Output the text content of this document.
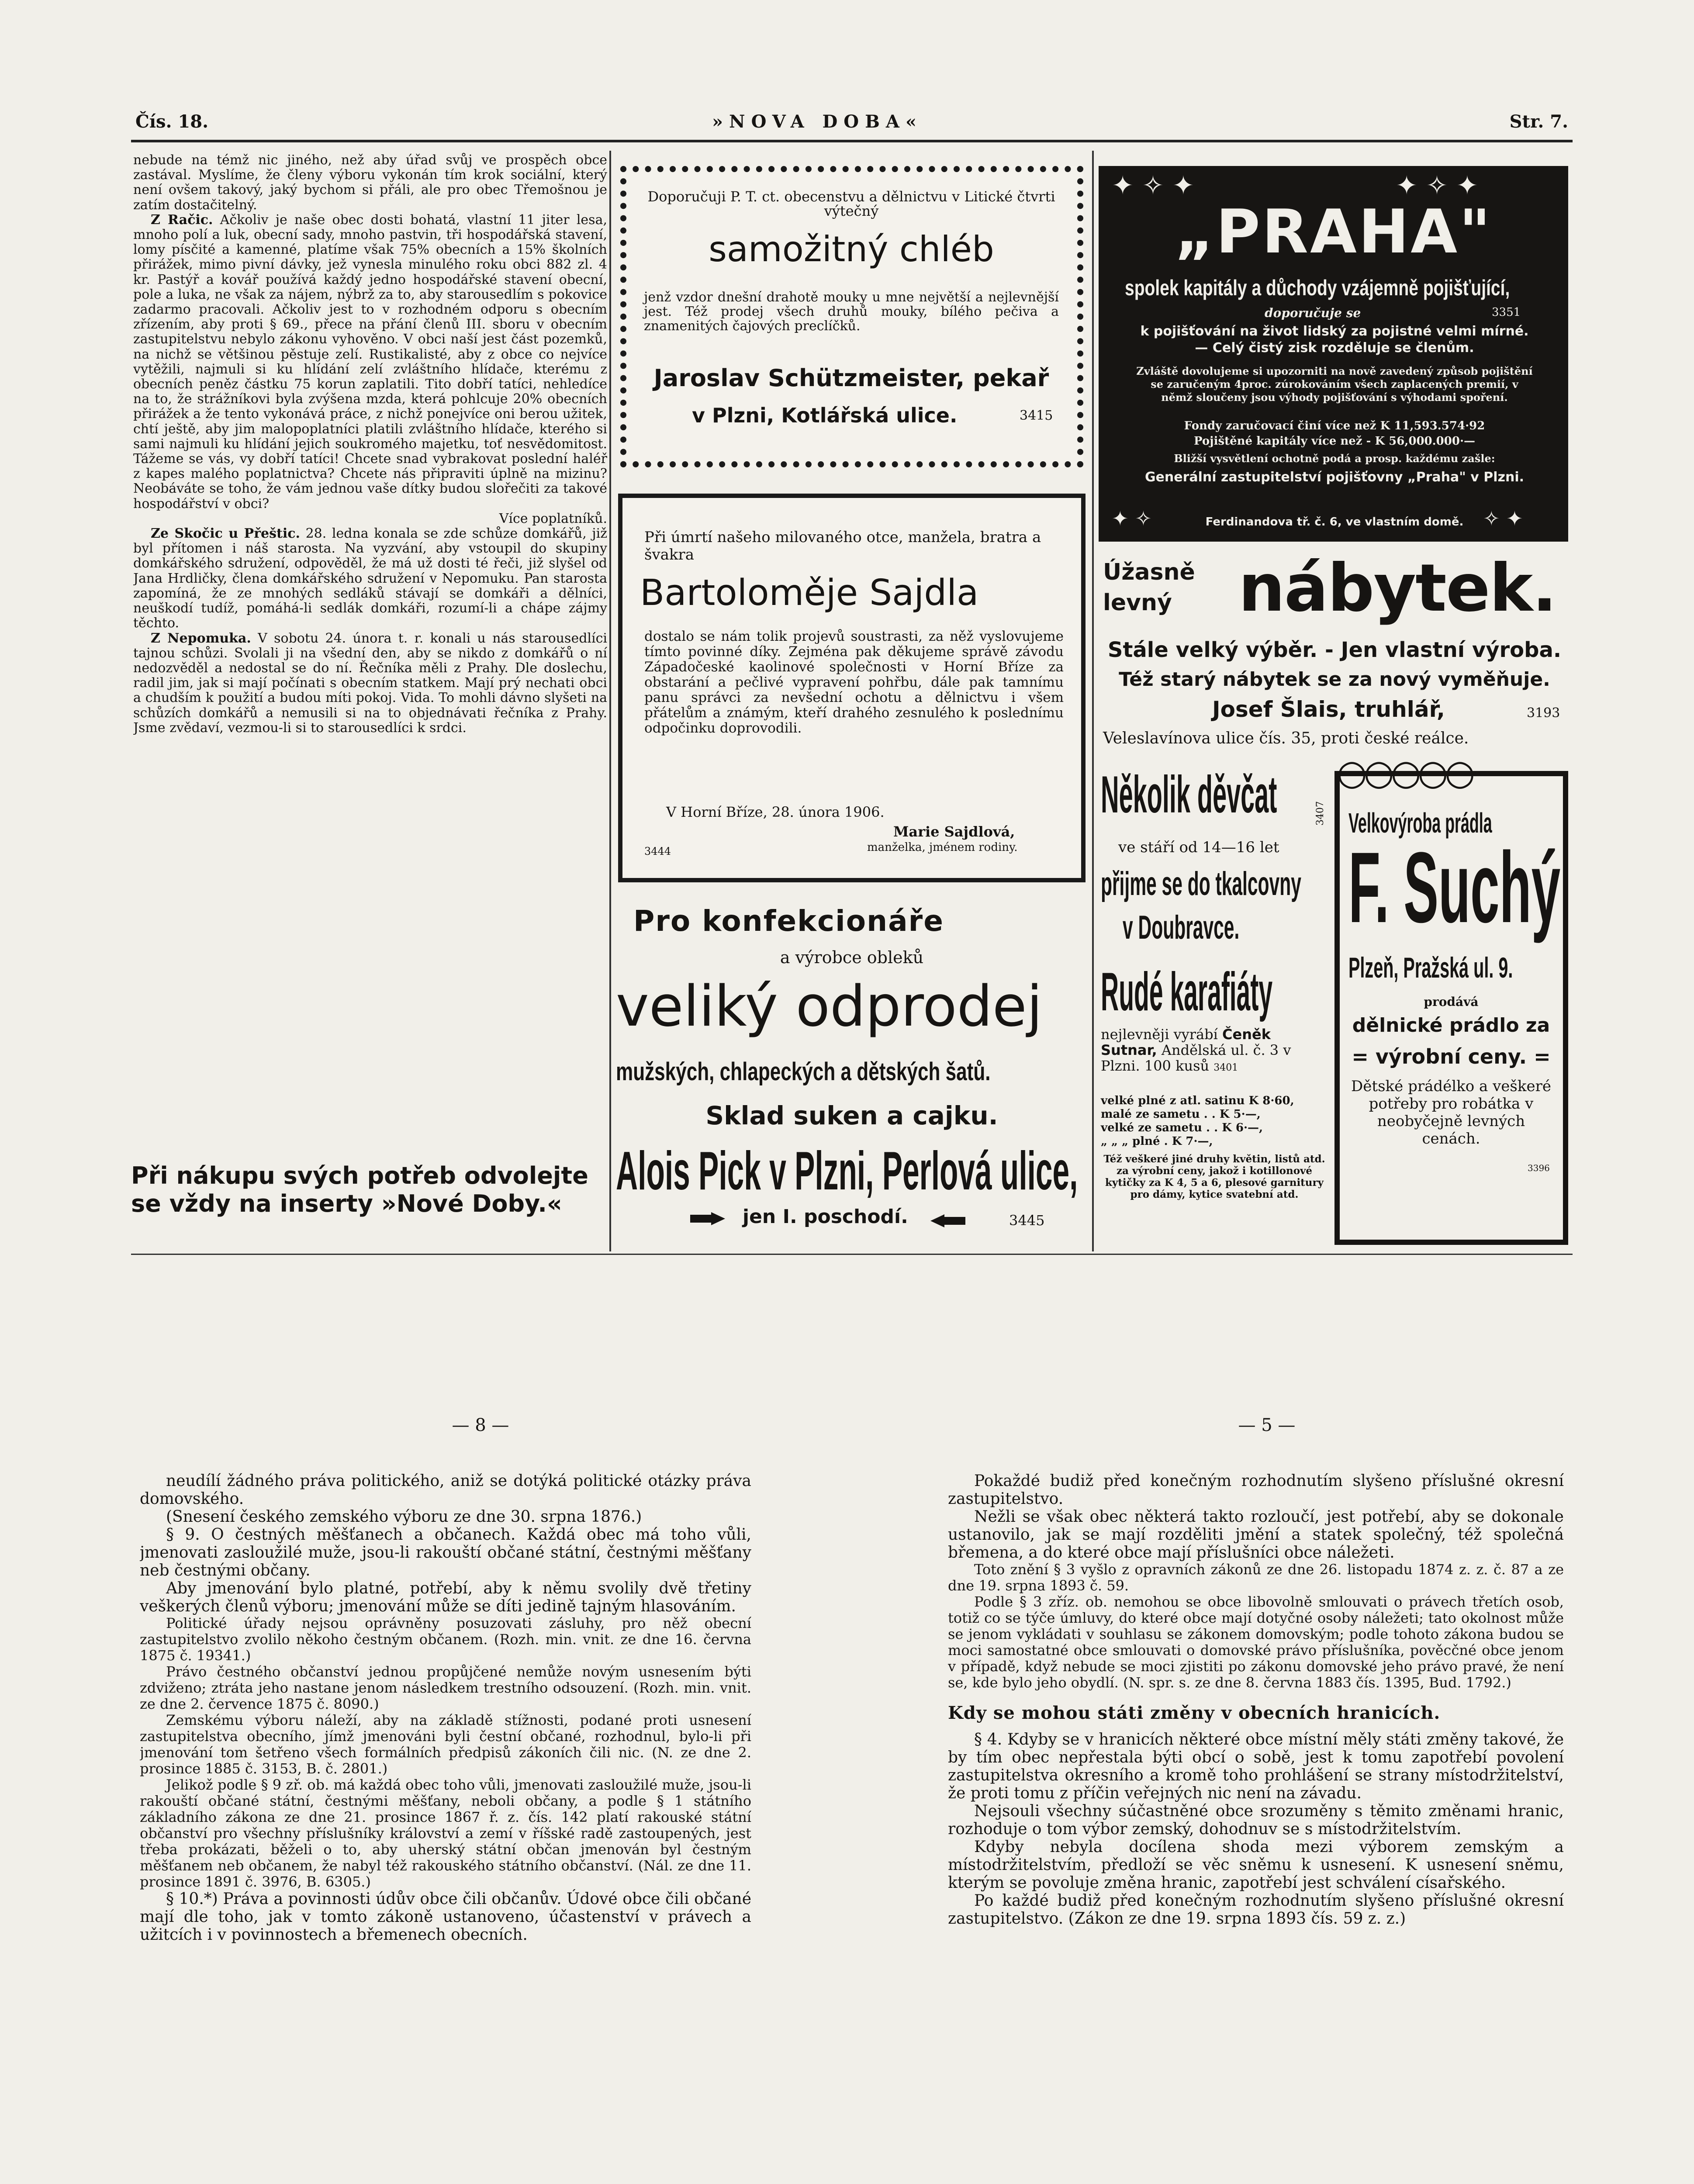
Čís. 18.	»NOVA DOBA«	Str. 7.

nebude na témž nic jiného, než aby úřad svůj ve prospěch obce zastával. Myslíme, že členy výboru vykonán tím krok sociální, který není ovšem takový, jaký bychom si přáli, ale pro obec Třemošnou je zatím dostačitelný.

Z Račic. Ačkoliv je naše obec dosti bohatá, vlastní 11 jiter lesa, mnoho polí a luk, obecní sady, mnoho pastvin, tři hospodářská stavení, lomy písčité a kamenné, platíme však 75% obecních a 15% školních přirážek, mimo pivní dávky, jež vynesla minulého roku obci 882 zl. 4 kr. Pastýř a kovář používá každý jedno hospodářské stavení obecní, pole a luka, ne však za nájem, nýbrž za to, aby starousedlím s pokovice zadarmo pracovali. Ačkoliv jest to v rozhodném odporu s obecním zřízením, aby proti § 69., přece na přání členů III. sboru v obecním zastupitelstvu nebylo zákonu vyhověno. V obci naší jest část pozemků, na nichž se většinou pěstuje zelí. Rustikalisté, aby z obce co nejvíce vytěžili, najmuli si ku hlídání zelí zvláštního hlídače, kterému z obecních peněz částku 75 korun zaplatili. Tito dobří tatíci, nehledíce na to, že strážníkovi byla zvýšena mzda, která pohlcuje 20% obecních přirážek a že tento vykonává práce, z nichž ponejvíce oni berou užitek, chtí ještě, aby jim malopoplatníci platili zvláštního hlídače, kterého si sami najmuli ku hlídání jejich soukromého majetku, toť nesvědomitost. Tážeme se vás, vy dobří tatíci! Chcete snad vybrakovat poslední haléř z kapes malého poplatnictva? Chcete nás připraviti úplně na mizinu? Neobáváte se toho, že vám jednou vaše dítky budou slořečiti za takové hospodářství v obci?

Více poplatníků.

Ze Skočic u Přeštic. 28. ledna konala se zde schůze domkářů, již byl přítomen i náš starosta. Na vyzvání, aby vstoupil do skupiny domkářského sdružení, odpověděl, že má už dosti té řeči, již slyšel od Jana Hrdličky, člena domkářského sdružení v Nepomuku. Pan starosta zapomíná, že ze mnohých sedláků stávají se domkáři a dělníci, neuškodí tudíž, pomáhá-li sedlák domkáři, rozumí-li a chápe zájmy těchto.

Z Nepomuka. V sobotu 24. února t. r. konali u nás starousedlíci tajnou schůzi. Svolali ji na všední den, aby se nikdo z domkářů o ní nedozvěděl a nedostal se do ní. Řečníka měli z Prahy. Dle doslechu, radil jim, jak si mají počínati s obecním statkem. Mají prý nechati obci a chudším k použití a budou míti pokoj. Vida. To mohli dávno slyšeti na schůzích domkářů a nemusili si na to objednávati řečníka z Prahy. Jsme zvědaví, vezmou-li si to starousedlíci k srdci.

Při nákupu svých potřeb odvolejte se vždy na inserty »Nové Doby.«
Doporučuji P. T. ct. obecenstvu a dělnictvu v Litické čtvrti výtečný
samožitný chléb
jenž vzdor dnešní drahotě mouky u mne největší a nejlevnější jest. Též prodej všech druhů mouky, bílého pečiva a znamenitých čajových preclíčků.
Jaroslav Schützmeister, pekař
v Plzni, Kotlářská ulice.	3415
Při úmrtí našeho milovaného otce, manžela, bratra a švakra
Bartoloměje Sajdla
dostalo se nám tolik projevů soustrasti, za něž vyslovujeme tímto povinné díky. Zejména pak děkujeme správě závodu Západočeské kaolinové společnosti v Horní Bříze za obstarání a pečlivé vypravení pohřbu, dále pak tamnímu panu správci za nevšední ochotu a dělnictvu i všem přátelům a známým, kteří drahého zesnulého k poslednímu odpočinku doprovodili.
V Horní Bříze, 28. února 1906.
Marie Sajdlová,
manželka, jménem rodiny.
3444
Pro konfekcionáře
a výrobce obleků
veliký odprodej
mužských, chlapeckých a dětských šatů.
Sklad suken a cajku.
Alois Pick v Plzni, Perlová ulice,
jen I. poschodí.	3445
✦ ✧ ✦	✦ ✧ ✦
„PRAHA"
spolek kapitály a důchody vzájemně pojišťující,
doporučuje se	3351
k pojišťování na život lidský za pojistné velmi mírné. — Celý čistý zisk rozděluje se členům.
Zvláště dovolujeme si upozorniti na nově zavedený způsob pojištění se zaručeným 4proc. zúrokováním všech zaplacených premií, v němž sloučeny jsou výhody pojišťování s výhodami spoření.
Fondy zaručovací činí více než K 11,593.574·92
Pojištěné kapitály více než - K 56,000.000·—
Bližší vysvětlení ochotně podá a prosp. každému zašle:
Generální zastupitelství pojišťovny „Praha" v Plzni.
Ferdinandova tř. č. 6, ve vlastním domě.
✦ ✧	✧ ✦
Úžasně
levný nábytek.
Stále velký výběr. - Jen vlastní výroba.
Též starý nábytek se za nový vyměňuje.
Josef Šlais, truhlář,	3193
Veleslavínova ulice čís. 35, proti české reálce.
Několik děvčat
ve stáří od 14—16 let
přijme se do tkalcovny
v Doubravce.
3407
Rudé karafiáty
nejlevněji vyrábí Čeněk Sutnar, Andělská ul. č. 3 v Plzni. 100 kusů 3401
velké plné z atl. satinu K 8·60,
malé ze sametu . . K 5·—,
velké ze sametu . . K 6·—,
„ „ „ plné . K 7·—,
Též veškeré jiné druhy květin, listů atd. za výrobní ceny, jakož i kotillonové kytičky za K 4, 5 a 6, plesové garnitury pro dámy, kytice svatební atd.
○○○○○
Velkovýroba prádla
F. Suchý
Plzeň, Pražská ul. 9.
prodává
dělnické prádlo za
= výrobní ceny. =
Dětské prádélko a veškeré potřeby pro robátka v neobyčejně levných cenách.
3396
— 8 —	— 5 —

neudílí žádného práva politického, aniž se dotýká politické otázky práva domovského.

(Snesení českého zemského výboru ze dne 30. srpna 1876.)

§ 9. O čestných měšťanech a občanech. Každá obec má toho vůli, jmenovati zasloužilé muže, jsou-li rakouští občané státní, čestnými měšťany neb čestnými občany.

Aby jmenování bylo platné, potřebí, aby k němu svolily dvě třetiny veškerých členů výboru; jmenování může se díti jedině tajným hlasováním.

Politické úřady nejsou oprávněny posuzovati zásluhy, pro něž obecní zastupitelstvo zvolilo někoho čestným občanem. (Rozh. min. vnit. ze dne 16. června 1875 č. 19341.)

Právo čestného občanství jednou propůjčené nemůže novým usnesením býti zdviženo; ztráta jeho nastane jenom následkem trestního odsouzení. (Rozh. min. vnit. ze dne 2. července 1875 č. 8090.)

Zemskému výboru náleží, aby na základě stížnosti, podané proti usnesení zastupitelstva obecního, jímž jmenováni byli čestní občané, rozhodnul, bylo-li při jmenování tom šetřeno všech formálních předpisů zákoních čili nic. (N. ze dne 2. prosince 1885 č. 3153, B. č. 2801.)

Jelikož podle § 9 zř. ob. má každá obec toho vůli, jmenovati zasloužilé muže, jsou-li rakouští občané státní, čestnými měšťany, neboli občany, a podle § 1 státního základního zákona ze dne 21. prosince 1867 ř. z. čís. 142 platí rakouské státní občanství pro všechny příslušníky království a zemí v říšské radě zastoupených, jest třeba prokázati, běželi o to, aby uherský státní občan jmenován byl čestným měšťanem neb občanem, že nabyl též rakouského státního občanství. (Nál. ze dne 11. prosince 1891 č. 3976, B. 6305.)

§ 10.*) Práva a povinnosti údův obce čili občanův. Údové obce čili občané mají dle toho, jak v tomto zákoně ustanoveno, účastenství v právech a užitcích i v povinnostech a břemenech obecních.

Pokaždé budiž před konečným rozhodnutím slyšeno příslušné okresní zastupitelstvo.

Nežli se však obec některá takto rozloučí, jest potřebí, aby se dokonale ustanovilo, jak se mají rozděliti jmění a statek společný, též společná břemena, a do které obce mají příslušníci obce náležeti.

Toto znění § 3 vyšlo z opravních zákonů ze dne 26. listopadu 1874 z. z. č. 87 a ze dne 19. srpna 1893 č. 59.

Podle § 3 zříz. ob. nemohou se obce libovolně smlouvati o právech třetích osob, totiž co se týče úmluvy, do které obce mají dotyčné osoby náležeti; tato okolnost může se jenom vykládati v souhlasu se zákonem domovským; podle tohoto zákona budou se moci samostatné obce smlouvati o domovské právo příslušníka, pověcčné obce jenom v případě, když nebude se moci zjistiti po zákonu domovské jeho právo pravé, že není se, kde bylo jeho obydlí. (N. spr. s. ze dne 8. června 1883 čís. 1395, Bud. 1792.)

Kdy se mohou státi změny v obecních hranicích.

§ 4. Kdyby se v hranicích některé obce místní měly státi změny takové, že by tím obec nepřestala býti obcí o sobě, jest k tomu zapotřebí povolení zastupitelstva okresního a kromě toho prohlášení se strany místodržitelství, že proti tomu z příčin veřejných nic není na závadu.

Nejsouli všechny súčastněné obce srozuměny s těmito změnami hranic, rozhoduje o tom výbor zemský, dohodnuv se s místodržitelstvím.

Kdyby nebyla docílena shoda mezi výborem zemským a místodržitelstvím, předloží se věc sněmu k usnesení. K usnesení sněmu, kterým se povoluje změna hranic, zapotřebí jest schválení císařského.

Po každé budiž před konečným rozhodnutím slyšeno příslušné okresní zastupitelstvo. (Zákon ze dne 19. srpna 1893 čís. 59 z. z.)
